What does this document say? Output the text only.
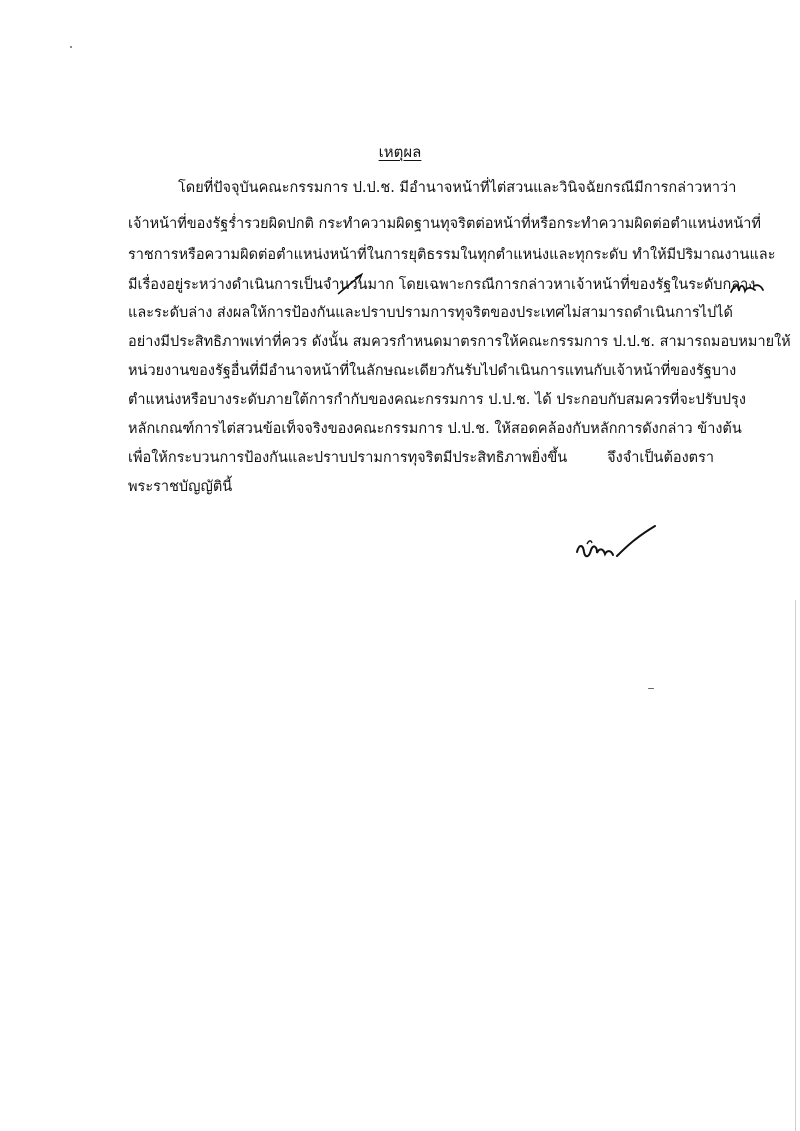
เหตุผล
โดยที่ปัจจุบันคณะกรรมการ ป.ป.ช. มีอำนาจหน้าที่ไต่สวนและวินิจฉัยกรณีมีการกล่าวหาว่า
เจ้าหน้าที่ของรัฐร่ำรวยผิดปกติ กระทำความผิดฐานทุจริตต่อหน้าที่หรือกระทำความผิดต่อตำแหน่งหน้าที่
ราชการหรือความผิดต่อตำแหน่งหน้าที่ในการยุติธรรมในทุกตำแหน่งและทุกระดับ ทำให้มีปริมาณงานและ
มีเรื่องอยู่ระหว่างดำเนินการเป็นจำนวนมาก โดยเฉพาะกรณีการกล่าวหาเจ้าหน้าที่ของรัฐในระดับกลาง
และระดับล่าง ส่งผลให้การป้องกันและปราบปรามการทุจริตของประเทศไม่สามารถดำเนินการไปได้
อย่างมีประสิทธิภาพเท่าที่ควร ดังนั้น สมควรกำหนดมาตรการให้คณะกรรมการ ป.ป.ช. สามารถมอบหมายให้
หน่วยงานของรัฐอื่นที่มีอำนาจหน้าที่ในลักษณะเดียวกันรับไปดำเนินการแทนกับเจ้าหน้าที่ของรัฐบาง
ตำแหน่งหรือบางระดับภายใต้การกำกับของคณะกรรมการ ป.ป.ช. ได้ ประกอบกับสมควรที่จะปรับปรุง
หลักเกณฑ์การไต่สวนข้อเท็จจริงของคณะกรรมการ ป.ป.ช. ให้สอดคล้องกับหลักการดังกล่าว ข้างต้น
เพื่อให้กระบวนการป้องกันและปราบปรามการทุจริตมีประสิทธิภาพยิ่งขึ้น จึงจำเป็นต้องตรา
พระราชบัญญัตินี้
